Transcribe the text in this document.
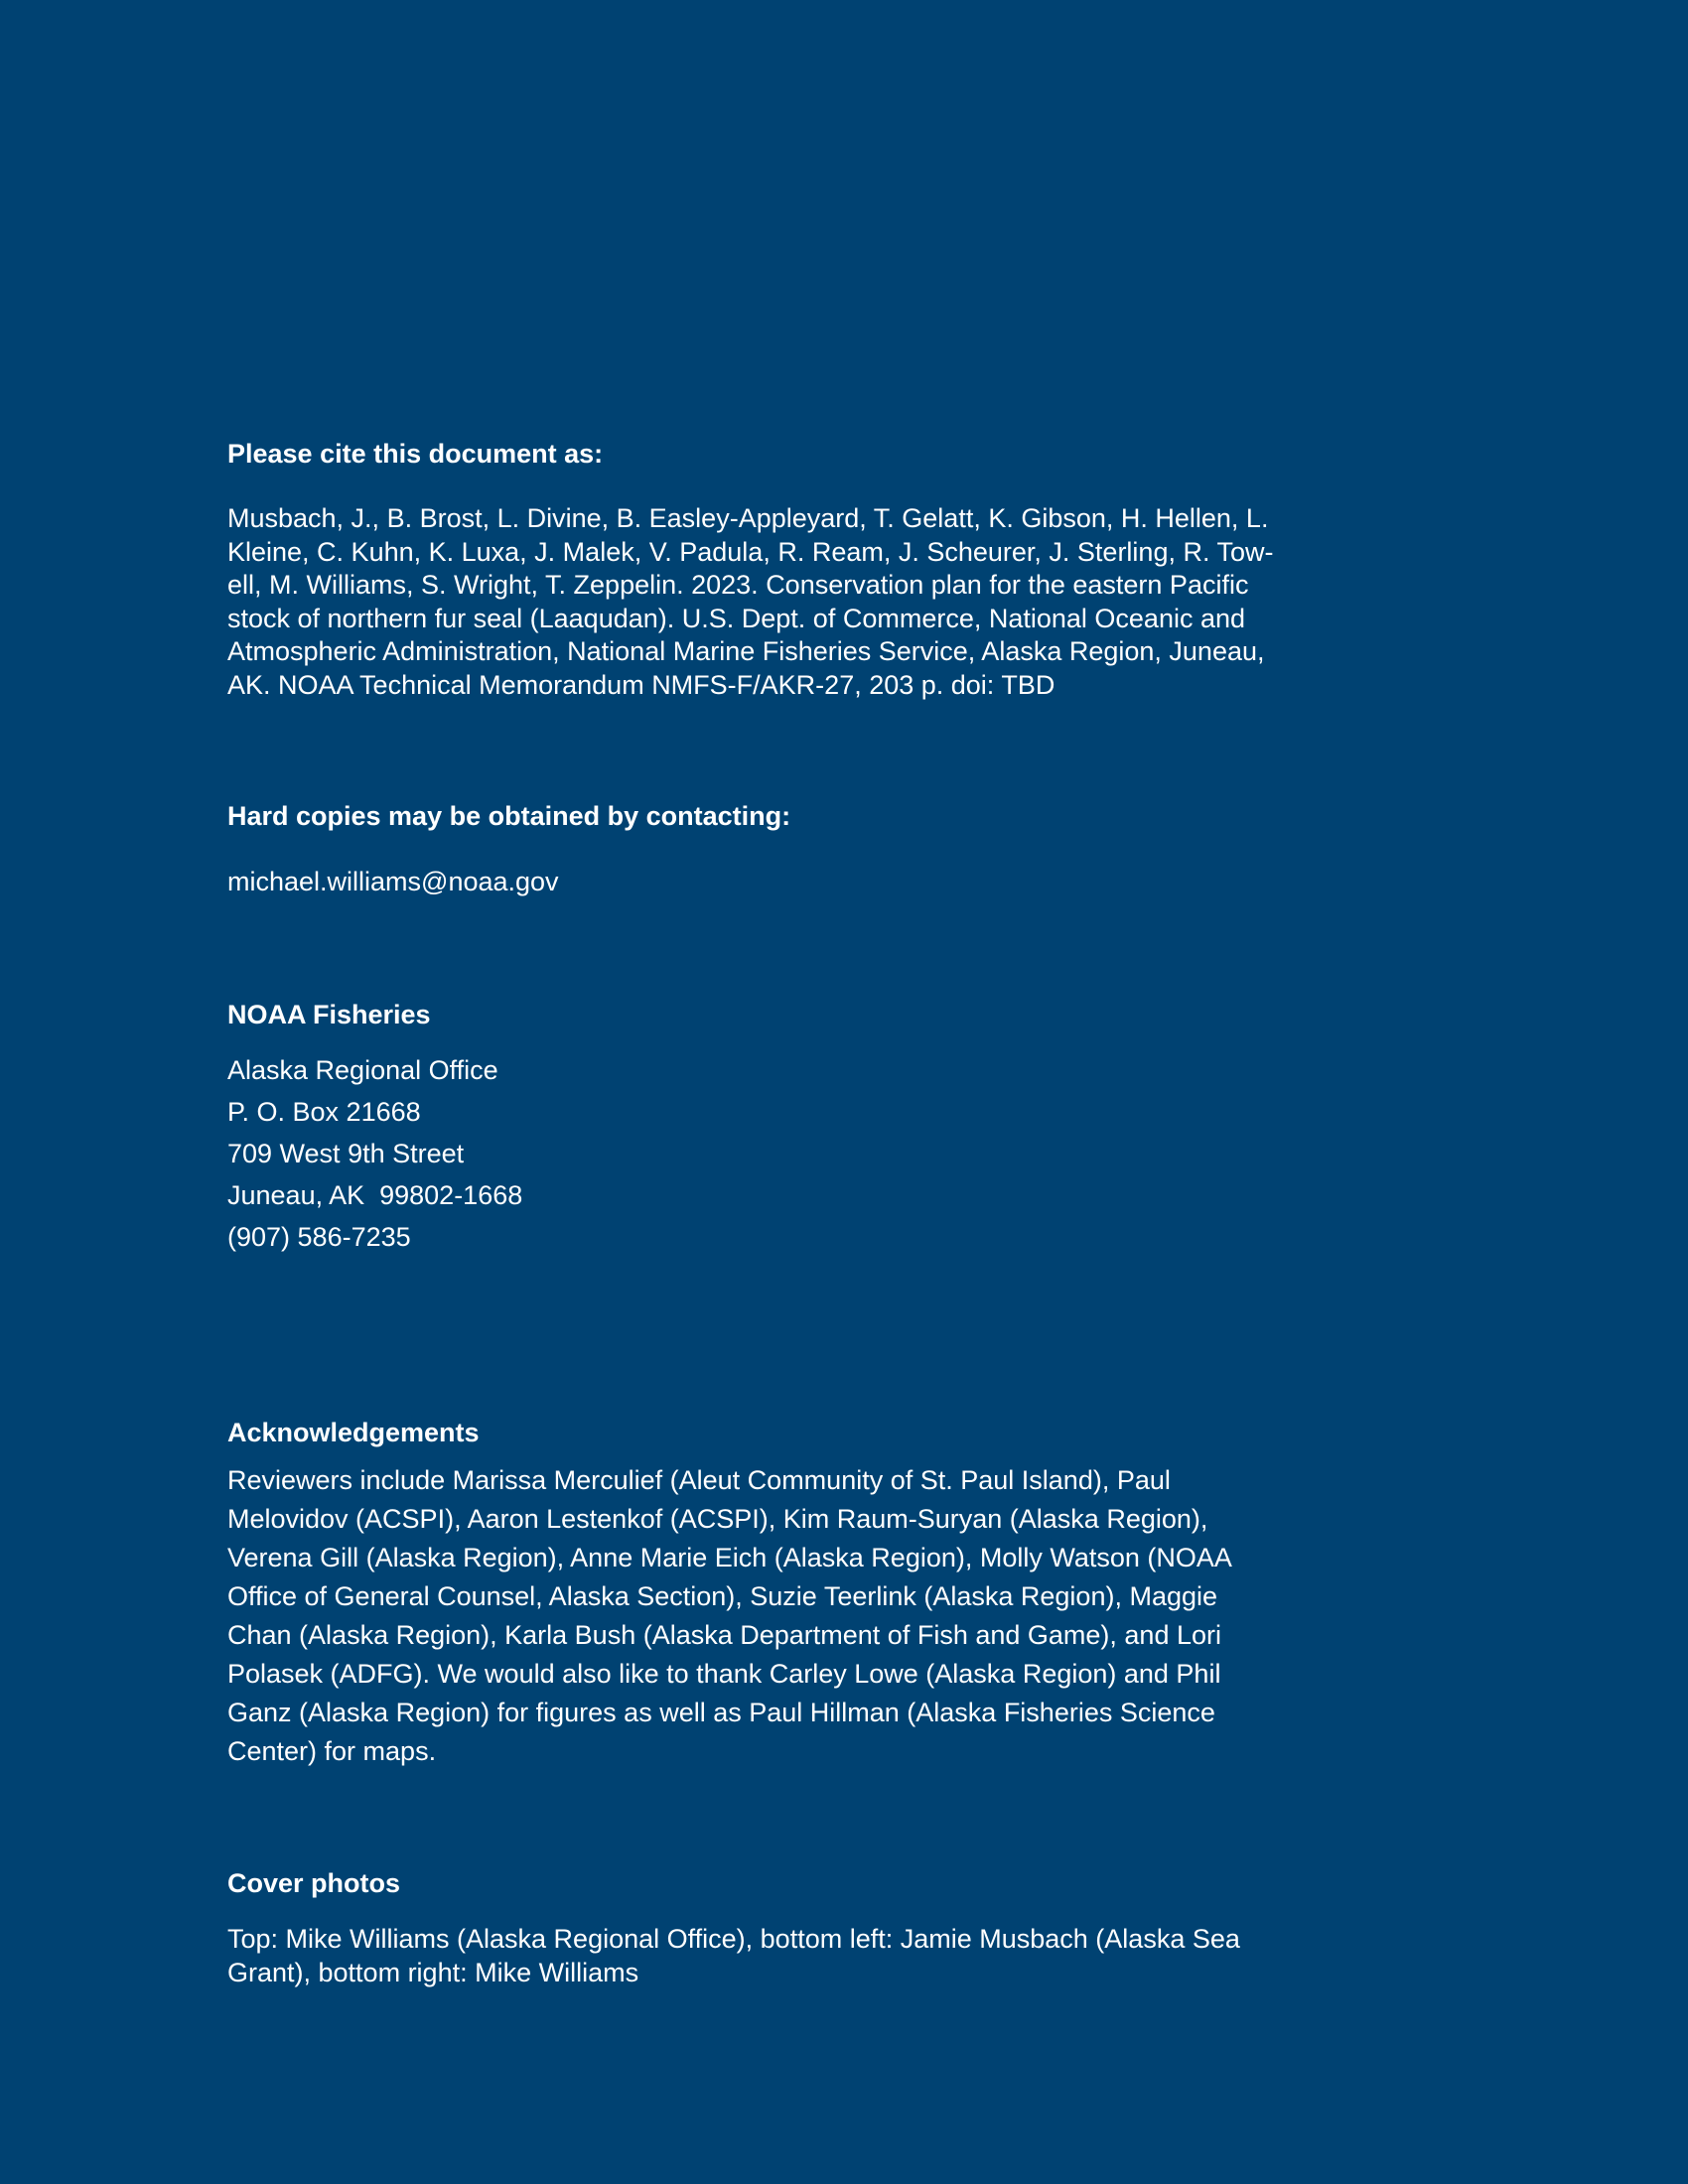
Please cite this document as:

Musbach, J., B. Brost, L. Divine, B. Easley-Appleyard, T. Gelatt, K. Gibson, H. Hellen, L.
Kleine, C. Kuhn, K. Luxa, J. Malek, V. Padula, R. Ream, J. Scheurer, J. Sterling, R. Tow-
ell, M. Williams, S. Wright, T. Zeppelin. 2023. Conservation plan for the eastern Pacific
stock of northern fur seal (Laaqudan). U.S. Dept. of Commerce, National Oceanic and
Atmospheric Administration, National Marine Fisheries Service, Alaska Region, Juneau,
AK. NOAA Technical Memorandum NMFS-F/AKR-27, 203 p. doi: TBD

Hard copies may be obtained by contacting:

michael.williams@noaa.gov

NOAA Fisheries

Alaska Regional Office

P. O. Box 21668

709 West 9th Street

Juneau, AK  99802-1668

(907) 586-7235

Acknowledgements

Reviewers include Marissa Merculief (Aleut Community of St. Paul Island), Paul
Melovidov (ACSPI), Aaron Lestenkof (ACSPI), Kim Raum-Suryan (Alaska Region),
Verena Gill (Alaska Region), Anne Marie Eich (Alaska Region), Molly Watson (NOAA
Office of General Counsel, Alaska Section), Suzie Teerlink (Alaska Region), Maggie
Chan (Alaska Region), Karla Bush (Alaska Department of Fish and Game), and Lori
Polasek (ADFG). We would also like to thank Carley Lowe (Alaska Region) and Phil
Ganz (Alaska Region) for figures as well as Paul Hillman (Alaska Fisheries Science
Center) for maps.

Cover photos

Top: Mike Williams (Alaska Regional Office), bottom left: Jamie Musbach (Alaska Sea
Grant), bottom right: Mike Williams
